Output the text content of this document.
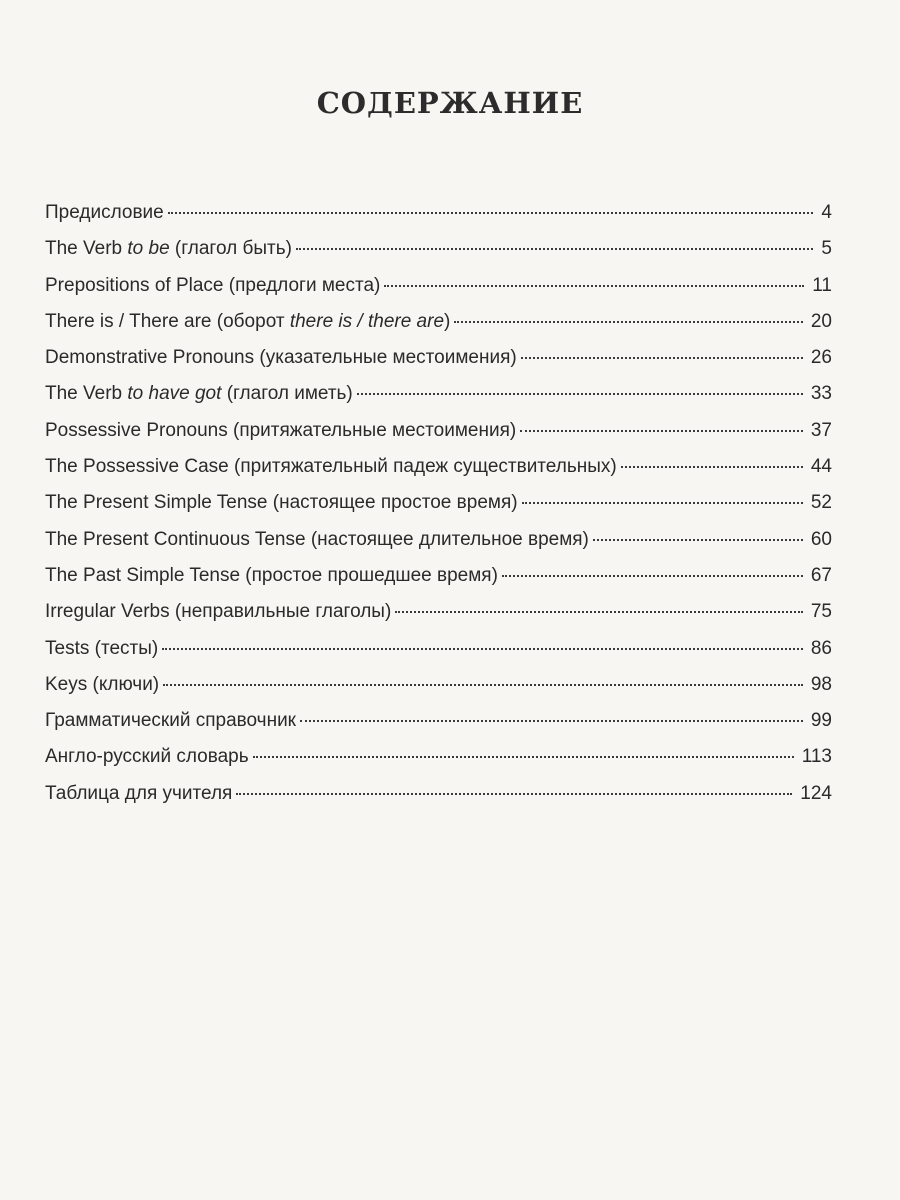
СОДЕРЖАНИЕ
Предисловие	4
The Verb to be (глагол быть)	5
Prepositions of Place (предлоги места)	11
There is / There are (оборот there is / there are)	20
Demonstrative Pronouns (указательные местоимения)	26
The Verb to have got (глагол иметь)	33
Possessive Pronouns (притяжательные местоимения)	37
The Possessive Case (притяжательный падеж существительных)	44
The Present Simple Tense (настоящее простое время)	52
The Present Continuous Tense (настоящее длительное время)	60
The Past Simple Tense (простое прошедшее время)	67
Irregular Verbs (неправильные глаголы)	75
Tests (тесты)	86
Keys (ключи)	98
Грамматический справочник	99
Англо-русский словарь	113
Таблица для учителя	124
